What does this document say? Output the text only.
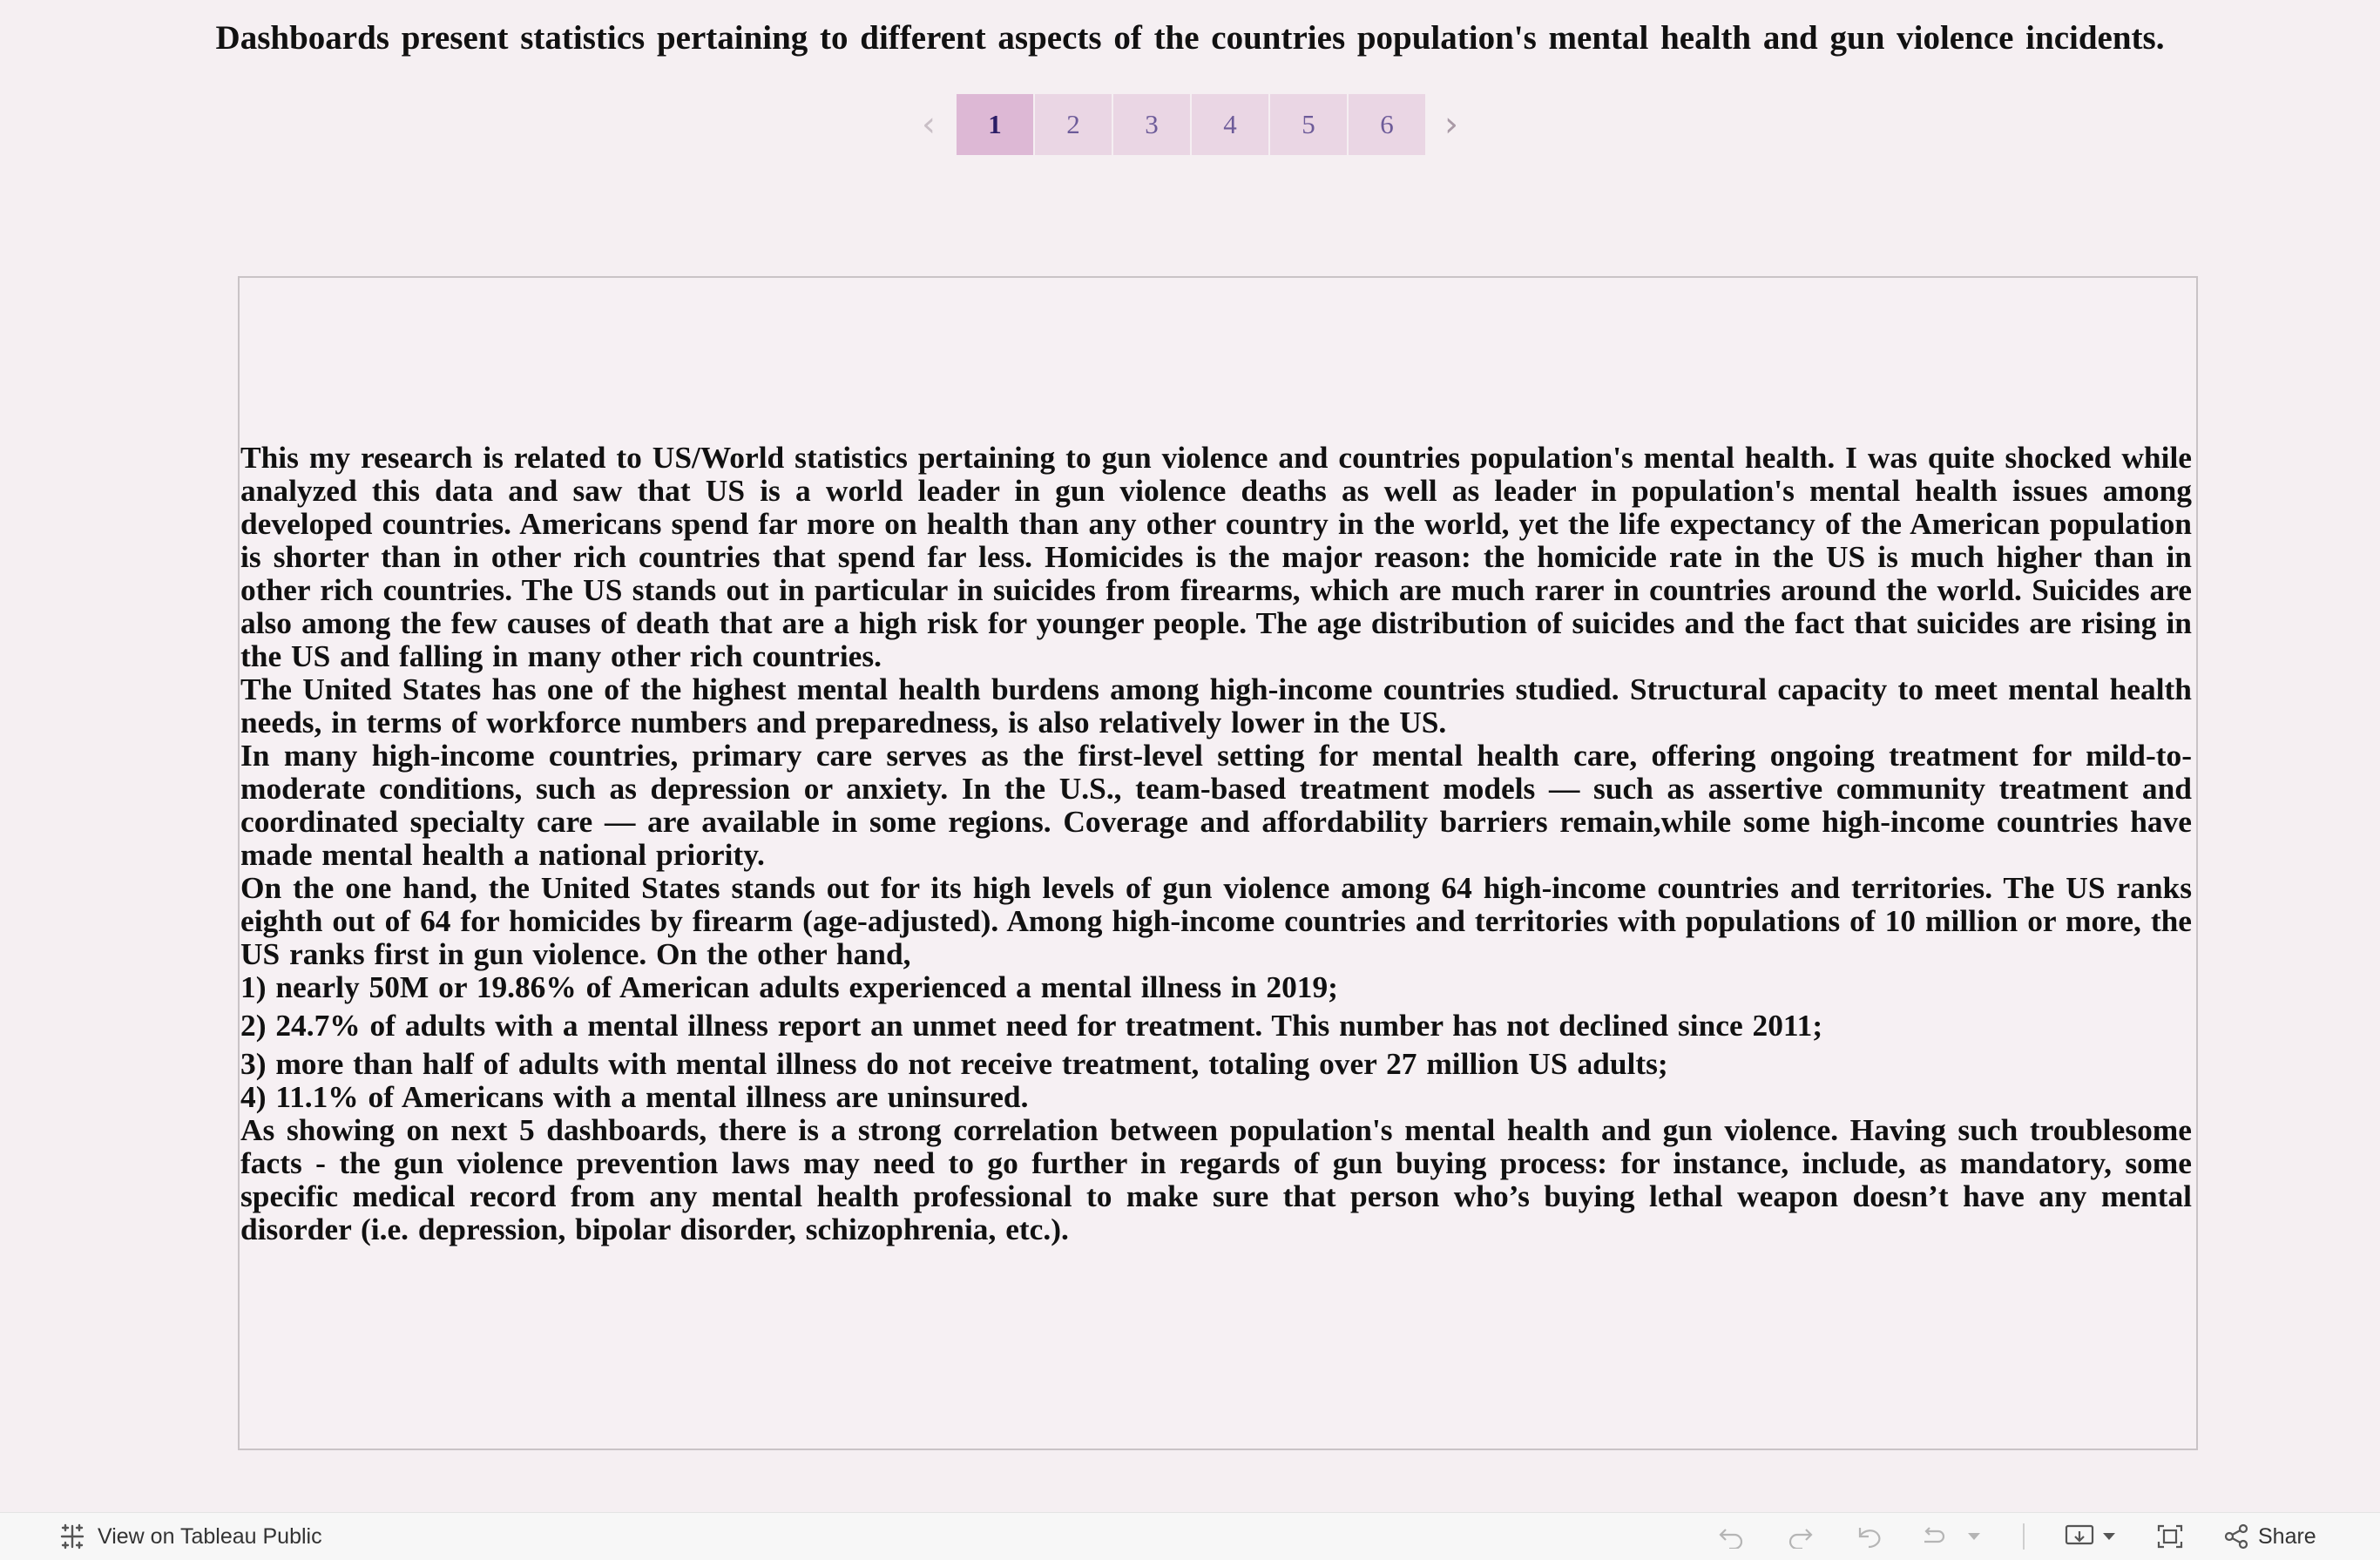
Dashboards present statistics pertaining to different aspects of the countries population's mental health and gun violence incidents.
‹	1	2	3	4	5	6	›

This my research is related to US/World statistics pertaining to gun violence and countries population's mental health. I was quite shocked while analyzed this data and saw that US is a world leader in gun violence deaths as well as leader in population's mental health issues among developed countries. Americans spend far more on health than any other country in the world, yet the life expectancy of the American population is shorter than in other rich countries that spend far less. Homicides is the major reason: the homicide rate in the US is much higher than in other rich countries. The US stands out in particular in suicides from firearms, which are much rarer in countries around the world. Suicides are also among the few causes of death that are a high risk for younger people. The age distribution of suicides and the fact that suicides are rising in the US and falling in many other rich countries.

The United States has one of the highest mental health burdens among high-income countries studied. Structural capacity to meet mental health needs, in terms of workforce numbers and preparedness, is also relatively lower in the US.

In many high-income countries, primary care serves as the first-level setting for mental health care, offering ongoing treatment for mild-to-moderate conditions, such as depression or anxiety. In the U.S., team-based treatment models — such as assertive community treatment and coordinated specialty care — are available in some regions. Coverage and affordability barriers remain,while some high-income countries have made mental health a national priority.

On the one hand, the United States stands out for its high levels of gun violence among 64 high-income countries and territories. The US ranks eighth out of 64 for homicides by firearm (age-adjusted). Among high-income countries and territories with populations of 10 million or more, the US ranks first in gun violence. On the other hand,

1) nearly 50M or 19.86% of American adults experienced a mental illness in 2019;

2) 24.7% of adults with a mental illness report an unmet need for treatment. This number has not declined since 2011;

3) more than half of adults with mental illness do not receive treatment, totaling over 27 million US adults;

4) 11.1% of Americans with a mental illness are uninsured.

As showing on next 5 dashboards, there is a strong correlation between population's mental health and gun violence. Having such troublesome facts - the gun violence prevention laws may need to go further in regards of gun buying process: for instance, include, as mandatory, some specific medical record from any mental health professional to make sure that person who’s buying lethal weapon doesn’t have any mental disorder (i.e. depression, bipolar disorder, schizophrenia, etc.).

View on Tableau Public	Share
